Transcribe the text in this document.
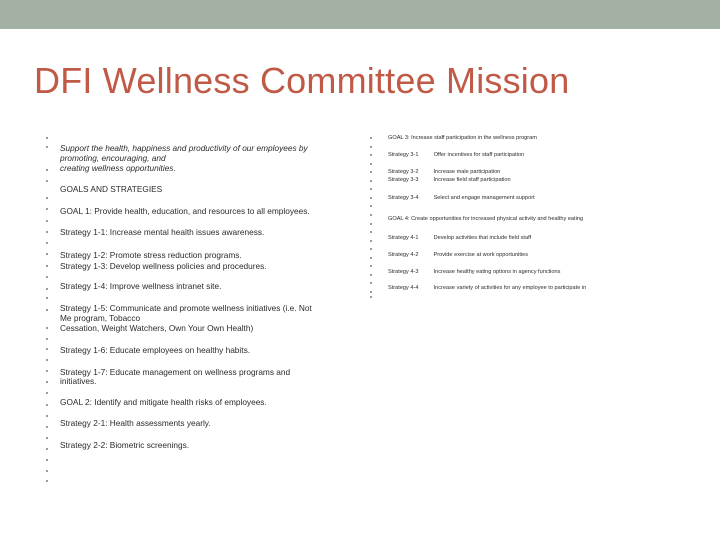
DFI Wellness Committee Mission
Support the health, happiness and productivity of our employees by
promoting, encouraging, and
creating wellness opportunities.
GOALS AND STRATEGIES
GOAL 1: Provide health, education, and resources to all employees.
Strategy 1-1: Increase mental health issues awareness.
Strategy 1-2: Promote stress reduction programs.
Strategy 1-3: Develop wellness policies and procedures.
Strategy 1-4: Improve wellness intranet site.
Strategy 1-5: Communicate and promote wellness initiatives (i.e. Not
Me program, Tobacco
Cessation, Weight Watchers, Own Your Own Health)
Strategy 1-6: Educate employees on healthy habits.
Strategy 1-7: Educate management on wellness programs and
initiatives.
GOAL 2: Identify and mitigate health risks of employees.
Strategy 2-1: Health assessments yearly.
Strategy 2-2: Biometric screenings.
GOAL 3: Increase staff participation in the wellness program
Strategy 3-1	Offer incentives for staff participation
Strategy 3-2	Increase male participation
Strategy 3-3	Increase field staff participation
Strategy 3-4	Select and engage management support
GOAL 4: Create opportunities for increased physical activity and healthy eating
Strategy 4-1	Develop activities that include field staff
Strategy 4-2	Provide exercise at work opportunities
Strategy 4-3	Increase healthy eating options in agency functions
Strategy 4-4	Increase variety of activities for any employee to participate in
